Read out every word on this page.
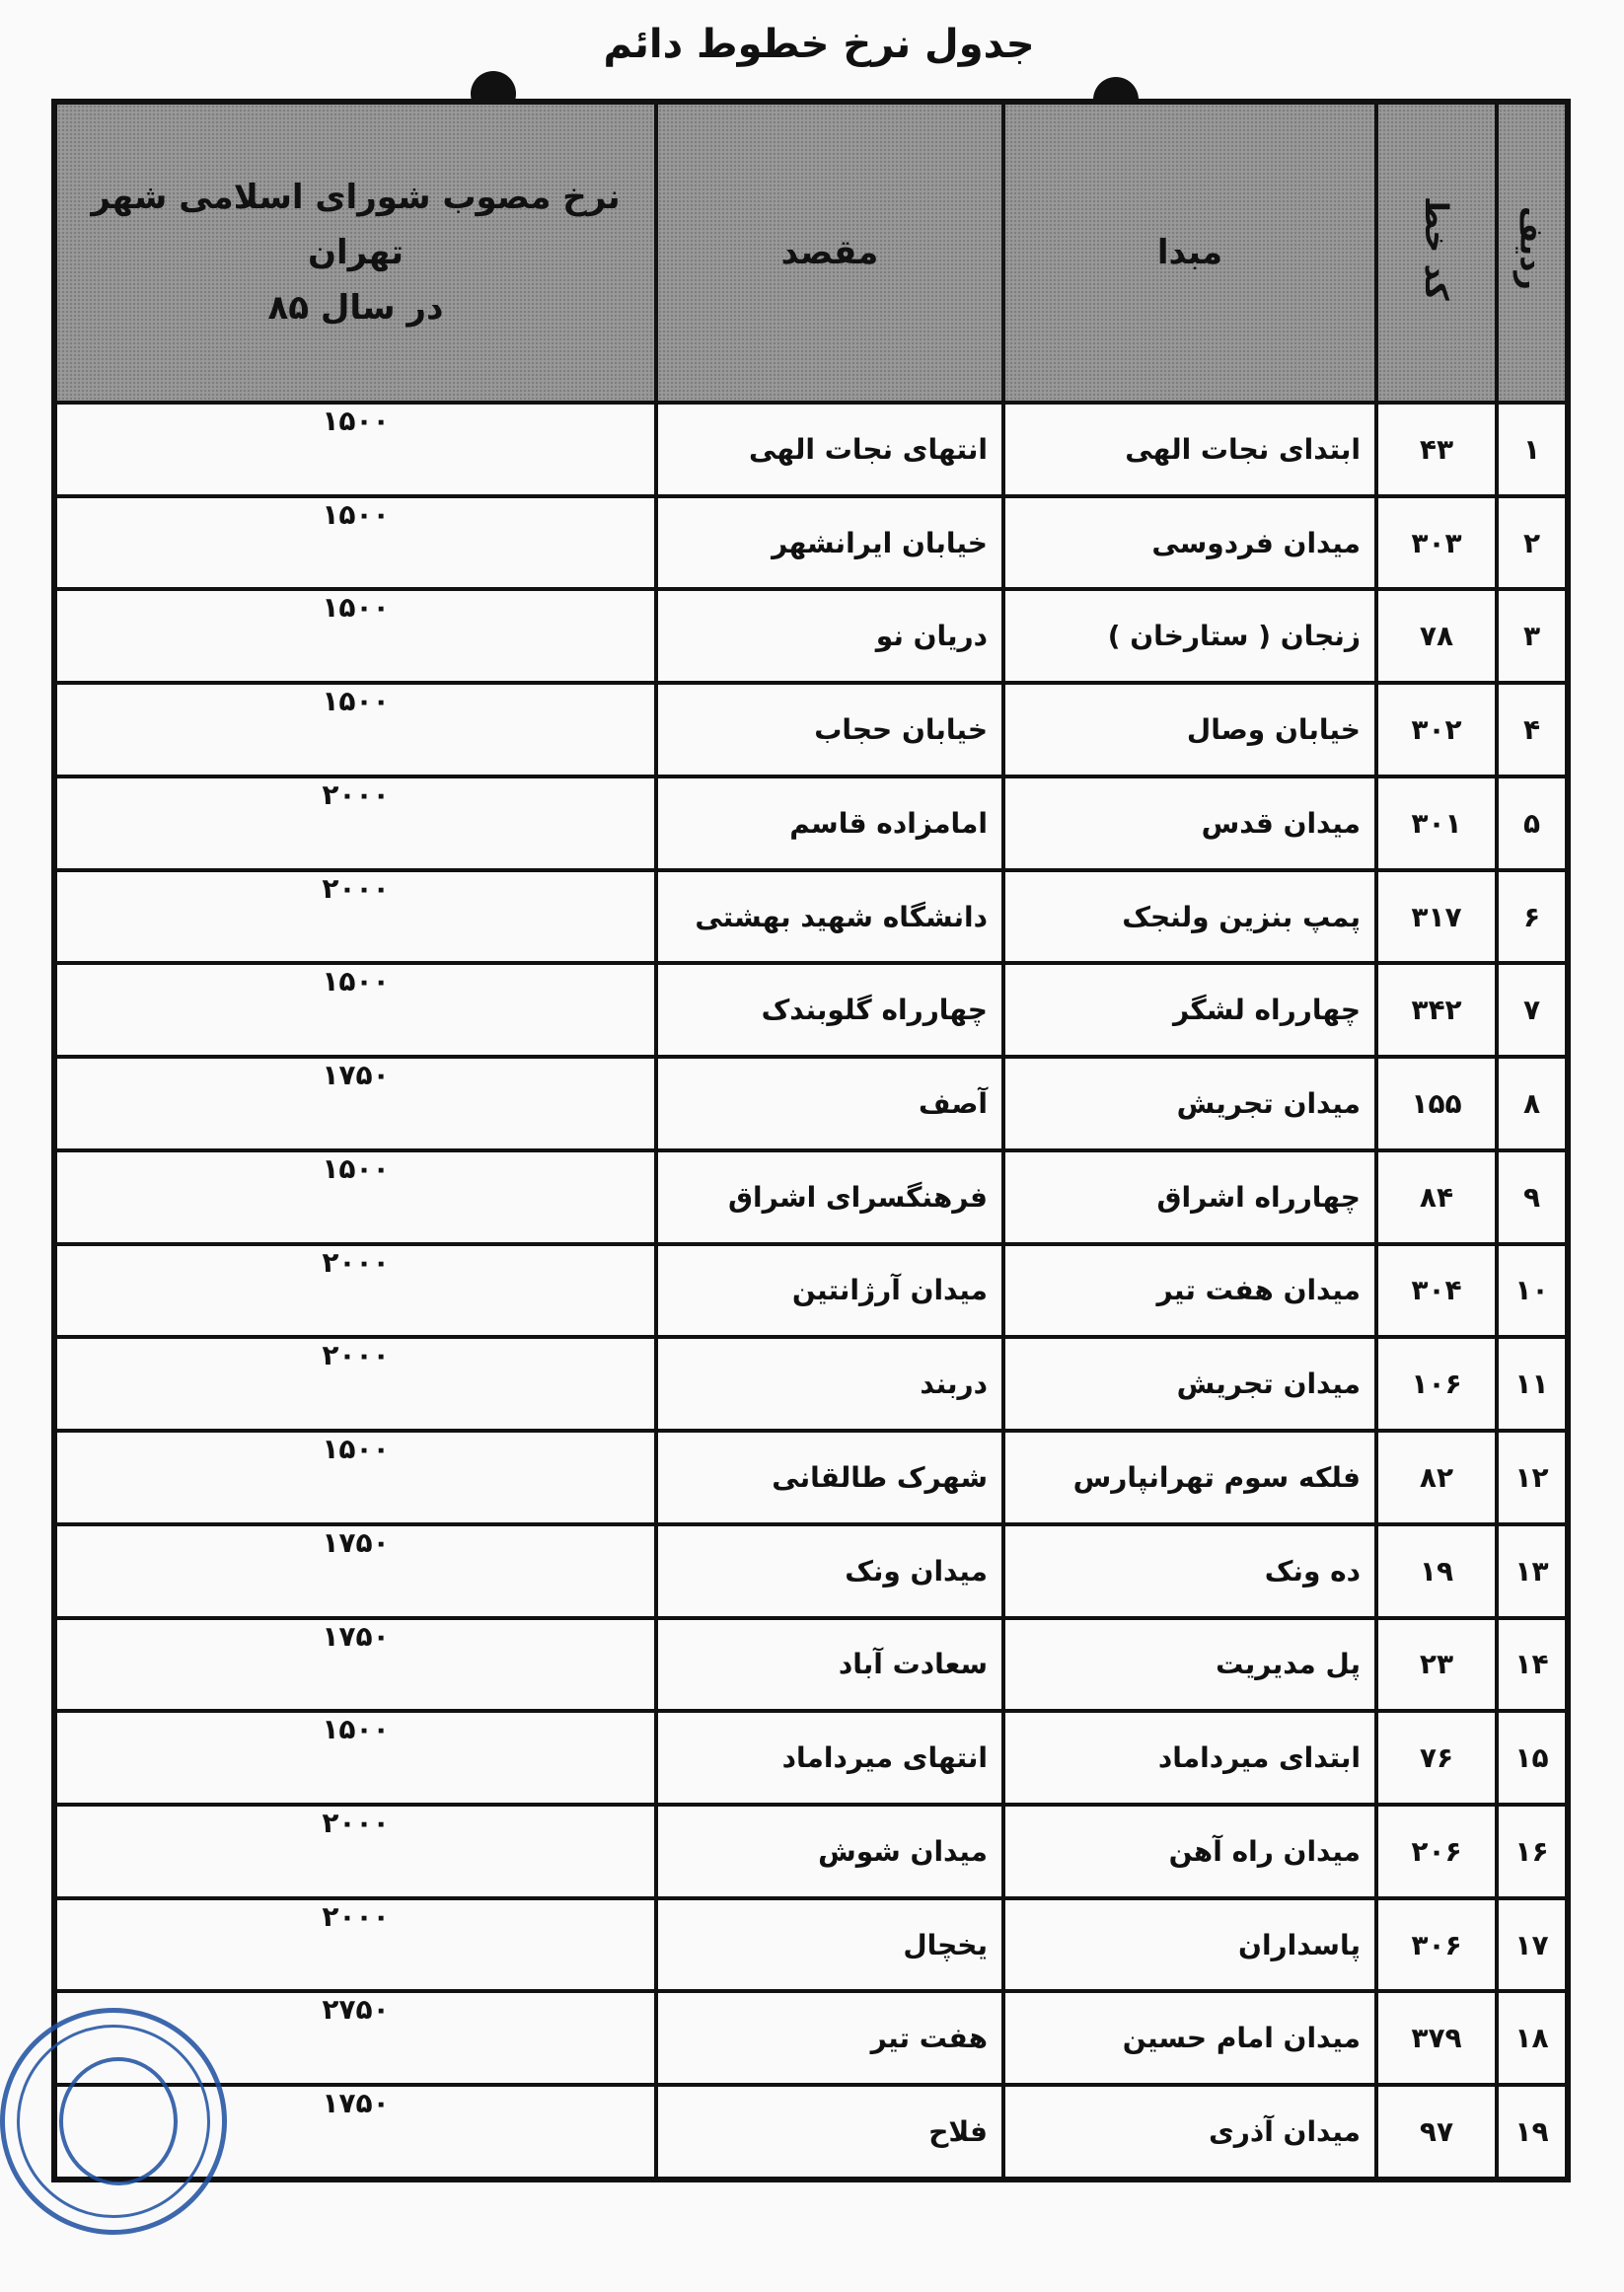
جدول نرخ خطوط دائم
ردیف	کد خط	مبدا	مقصد	نرخ مصوب شورای اسلامی شهر تهران
در سال ۸۵

۱	۴۳	ابتدای نجات الهی	انتهای نجات الهی	۱۵۰۰
۲	۳۰۳	میدان فردوسی	خیابان ایرانشهر	۱۵۰۰
۳	۷۸	زنجان ( ستارخان )	دریان نو	۱۵۰۰
۴	۳۰۲	خیابان وصال	خیابان حجاب	۱۵۰۰
۵	۳۰۱	میدان قدس	امامزاده قاسم	۲۰۰۰
۶	۳۱۷	پمپ بنزین ولنجک	دانشگاه شهید بهشتی	۲۰۰۰
۷	۳۴۲	چهارراه لشگر	چهارراه گلوبندک	۱۵۰۰
۸	۱۵۵	میدان تجریش	آصف	۱۷۵۰
۹	۸۴	چهارراه اشراق	فرهنگسرای اشراق	۱۵۰۰
۱۰	۳۰۴	میدان هفت تیر	میدان آرژانتین	۲۰۰۰
۱۱	۱۰۶	میدان تجریش	دربند	۲۰۰۰
۱۲	۸۲	فلکه سوم تهرانپارس	شهرک طالقانی	۱۵۰۰
۱۳	۱۹	ده ونک	میدان ونک	۱۷۵۰
۱۴	۲۳	پل مدیریت	سعادت آباد	۱۷۵۰
۱۵	۷۶	ابتدای میرداماد	انتهای میرداماد	۱۵۰۰
۱۶	۲۰۶	میدان راه آهن	میدان شوش	۲۰۰۰
۱۷	۳۰۶	پاسداران	یخچال	۲۰۰۰
۱۸	۳۷۹	میدان امام حسین	هفت تیر	۲۷۵۰
۱۹	۹۷	میدان آذری	فلاح	۱۷۵۰
